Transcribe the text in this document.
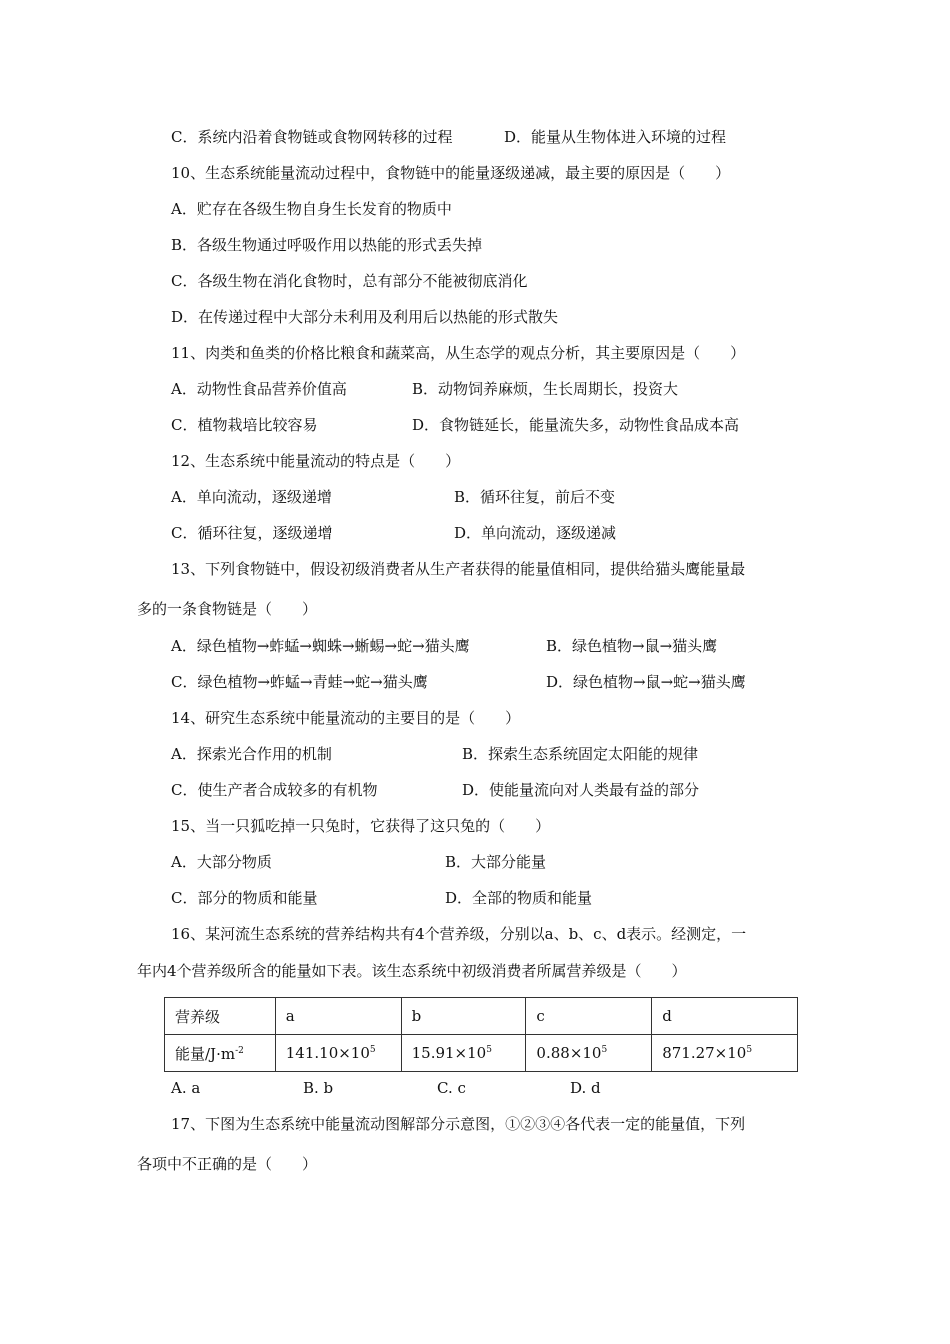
C．系统内沿着食物链或食物网转移的过程	D．能量从生物体进入环境的过程
10、生态系统能量流动过程中，食物链中的能量逐级递减，最主要的原因是（　　）
A．贮存在各级生物自身生长发育的物质中
B．各级生物通过呼吸作用以热能的形式丢失掉
C．各级生物在消化食物时，总有部分不能被彻底消化
D．在传递过程中大部分未利用及利用后以热能的形式散失
11、肉类和鱼类的价格比粮食和蔬菜高，从生态学的观点分析，其主要原因是（　　）
A．动物性食品营养价值高	B．动物饲养麻烦，生长周期长，投资大
C．植物栽培比较容易	D．食物链延长，能量流失多，动物性食品成本高
12、生态系统中能量流动的特点是（　　）
A．单向流动，逐级递增	B．循环往复，前后不变
C．循环往复，逐级递增	D．单向流动，逐级递减
13、下列食物链中，假设初级消费者从生产者获得的能量值相同，提供给猫头鹰能量最
多的一条食物链是（　　）
A．绿色植物→蚱蜢→蜘蛛→蜥蜴→蛇→猫头鹰	B．绿色植物→鼠→猫头鹰
C．绿色植物→蚱蜢→青蛙→蛇→猫头鹰	D．绿色植物→鼠→蛇→猫头鹰
14、研究生态系统中能量流动的主要目的是（　　）
A．探索光合作用的机制	B．探索生态系统固定太阳能的规律
C．使生产者合成较多的有机物	D．使能量流向对人类最有益的部分
15、当一只狐吃掉一只兔时，它获得了这只兔的（　　）
A．大部分物质	B．大部分能量
C．部分的物质和能量	D．全部的物质和能量
16、某河流生态系统的营养结构共有4个营养级，分别以a、b、c、d表示。经测定，一
年内4个营养级所含的能量如下表。该生态系统中初级消费者所属营养级是（　　）
营养级	a	b	c	d
能量$/J\cdot m^{-2}$	$141.10\times 10^5$	$15.91\times 10^5$	$0.88\times 10^5$	$871.27\times 10^5$
A. a	B. b	C. c	D. d
17、下图为生态系统中能量流动图解部分示意图，①②③④各代表一定的能量值，下列
各项中不正确的是（　　）
